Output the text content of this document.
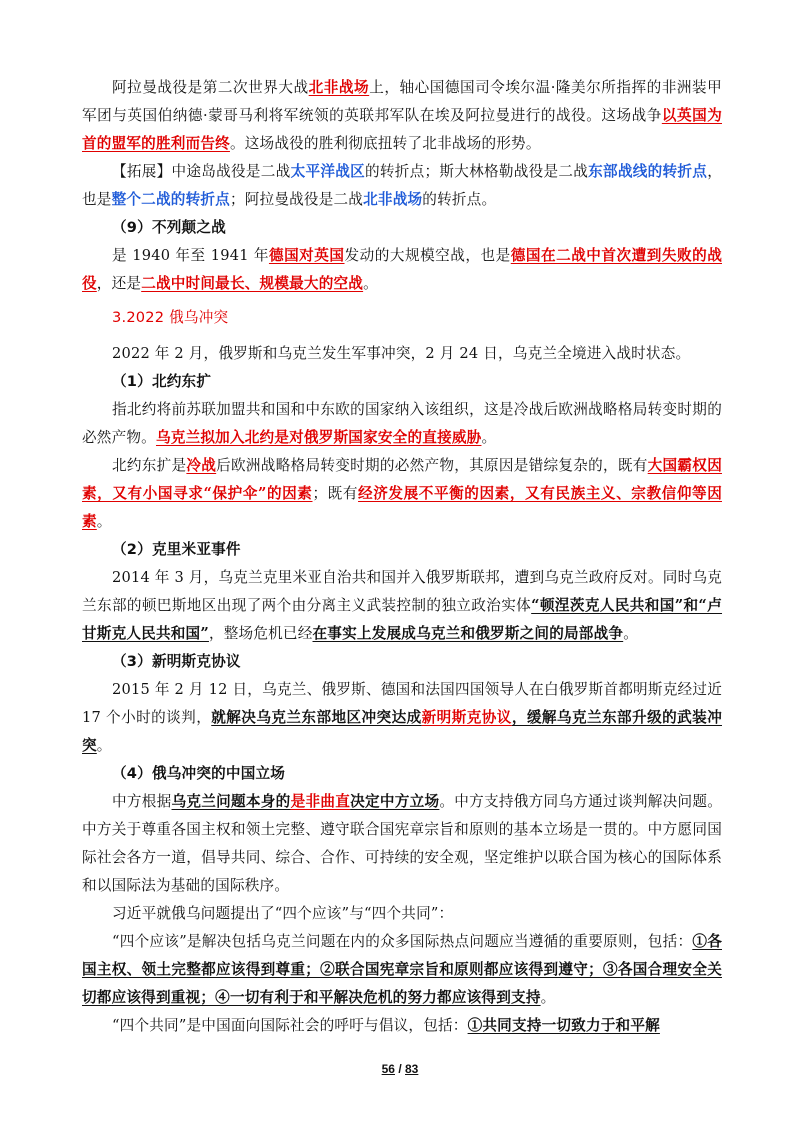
阿拉曼战役是第二次世界大战北非战场上，轴心国德国司令埃尔温·隆美尔所指挥的非洲装甲军团与英国伯纳德·蒙哥马利将军统领的英联邦军队在埃及阿拉曼进行的战役。这场战争以英国为首的盟军的胜利而告终。这场战役的胜利彻底扭转了北非战场的形势。

【拓展】中途岛战役是二战太平洋战区的转折点；斯大林格勒战役是二战东部战线的转折点，也是整个二战的转折点；阿拉曼战役是二战北非战场的转折点。

（9）不列颠之战

是 1940 年至 1941 年德国对英国发动的大规模空战，也是德国在二战中首次遭到失败的战役，还是二战中时间最长、规模最大的空战。

3.2022 俄乌冲突

2022 年 2 月，俄罗斯和乌克兰发生军事冲突，2 月 24 日，乌克兰全境进入战时状态。

（1）北约东扩

指北约将前苏联加盟共和国和中东欧的国家纳入该组织，这是冷战后欧洲战略格局转变时期的必然产物。乌克兰拟加入北约是对俄罗斯国家安全的直接威胁。

北约东扩是冷战后欧洲战略格局转变时期的必然产物，其原因是错综复杂的，既有大国霸权因素，又有小国寻求“保护伞”的因素；既有经济发展不平衡的因素，又有民族主义、宗教信仰等因素。

（2）克里米亚事件

2014 年 3 月，乌克兰克里米亚自治共和国并入俄罗斯联邦，遭到乌克兰政府反对。同时乌克兰东部的顿巴斯地区出现了两个由分离主义武装控制的独立政治实体“顿涅茨克人民共和国”和“卢甘斯克人民共和国”，整场危机已经在事实上发展成乌克兰和俄罗斯之间的局部战争。

（3）新明斯克协议

2015 年 2 月 12 日，乌克兰、俄罗斯、德国和法国四国领导人在白俄罗斯首都明斯克经过近 17 个小时的谈判，就解决乌克兰东部地区冲突达成新明斯克协议，缓解乌克兰东部升级的武装冲突。

（4）俄乌冲突的中国立场

中方根据乌克兰问题本身的是非曲直决定中方立场。中方支持俄方同乌方通过谈判解决问题。中方关于尊重各国主权和领土完整、遵守联合国宪章宗旨和原则的基本立场是一贯的。中方愿同国际社会各方一道，倡导共同、综合、合作、可持续的安全观，坚定维护以联合国为核心的国际体系和以国际法为基础的国际秩序。

习近平就俄乌问题提出了“四个应该”与“四个共同”：

“四个应该”是解决包括乌克兰问题在内的众多国际热点问题应当遵循的重要原则，包括：①各国主权、领土完整都应该得到尊重；②联合国宪章宗旨和原则都应该得到遵守；③各国合理安全关切都应该得到重视；④一切有利于和平解决危机的努力都应该得到支持。

“四个共同”是中国面向国际社会的呼吁与倡议，包括：①共同支持一切致力于和平解

56 / 83
